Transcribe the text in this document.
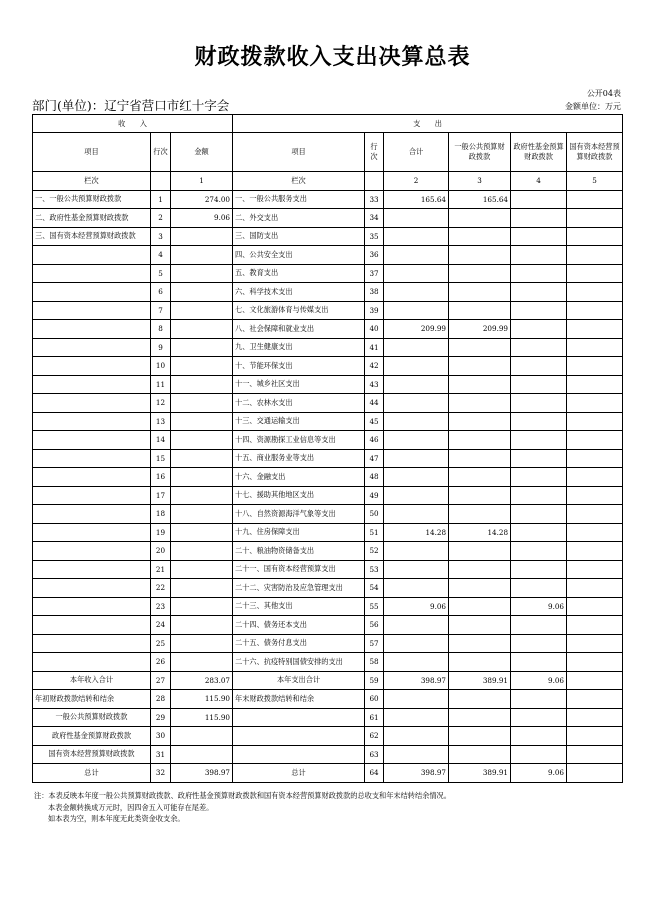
财政拨款收入支出决算总表
公开04表
部门(单位)：辽宁省营口市红十字会	金额单位：万元
收　　入			支　　出					
项目	行次	金额	项目	行次	合计	一般公共预算财政拨款	政府性基金预算财政拨款	国有资本经营预算财政拨款
栏次		1	栏次		2	3	4	5
一、一般公共预算财政拨款	1	274.00	一、一般公共服务支出	33	165.64	165.64		
二、政府性基金预算财政拨款	2	9.06	二、外交支出	34				
三、国有资本经营预算财政拨款	3		三、国防支出	35				
	4		四、公共安全支出	36				
	5		五、教育支出	37				
	6		六、科学技术支出	38				
	7		七、文化旅游体育与传媒支出	39				
	8		八、社会保障和就业支出	40	209.99	209.99		
	9		九、卫生健康支出	41				
	10		十、节能环保支出	42				
	11		十一、城乡社区支出	43				
	12		十二、农林水支出	44				
	13		十三、交通运输支出	45				
	14		十四、资源勘探工业信息等支出	46				
	15		十五、商业服务业等支出	47				
	16		十六、金融支出	48				
	17		十七、援助其他地区支出	49				
	18		十八、自然资源海洋气象等支出	50				
	19		十九、住房保障支出	51	14.28	14.28		
	20		二十、粮油物资储备支出	52				
	21		二十一、国有资本经营预算支出	53				
	22		二十二、灾害防治及应急管理支出	54				
	23		二十三、其他支出	55	9.06		9.06	
	24		二十四、债务还本支出	56				
	25		二十五、债务付息支出	57				
	26		二十六、抗疫特别国债安排的支出	58				
本年收入合计	27	283.07	本年支出合计	59	398.97	389.91	9.06	
年初财政拨款结转和结余	28	115.90	年末财政拨款结转和结余	60				
一般公共预算财政拨款	29	115.90		61				
政府性基金预算财政拨款	30			62				
国有资本经营预算财政拨款	31			63				
总计	32	398.97	总计	64	398.97	389.91	9.06	
注：本表反映本年度一般公共预算财政拨款、政府性基金预算财政拨款和国有资本经营预算财政拨款的总收支和年末结转结余情况。
本表金额转换成万元时，因四舍五入可能存在尾差。
如本表为空，则本年度无此类资金收支余。
